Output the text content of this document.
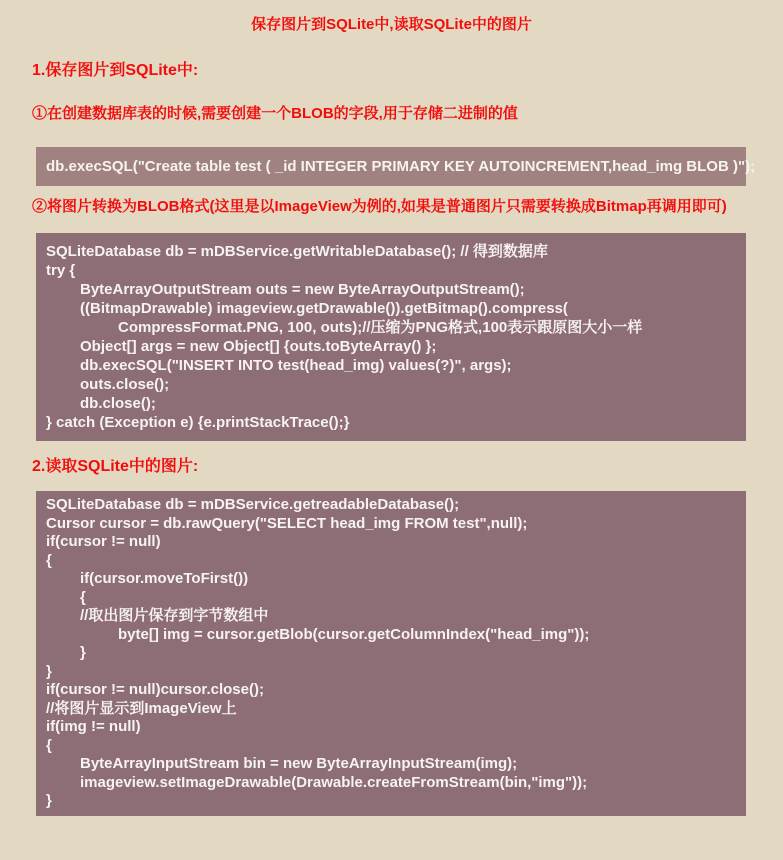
保存图片到SQLite中,读取SQLite中的图片
1.保存图片到SQLite中:
①在创建数据库表的时候,需要创建一个BLOB的字段,用于存储二进制的值
db.execSQL("Create table test ( _id INTEGER PRIMARY KEY AUTOINCREMENT,head_img BLOB )");
②将图片转换为BLOB格式(这里是以ImageView为例的,如果是普通图片只需要转换成Bitmap再调用即可)
SQLiteDatabase db = mDBService.getWritableDatabase(); // 得到数据库
try {
ByteArrayOutputStream outs = new ByteArrayOutputStream();
((BitmapDrawable) imageview.getDrawable()).getBitmap().compress(
CompressFormat.PNG, 100, outs);//压缩为PNG格式,100表示跟原图大小一样
Object[] args = new Object[] {outs.toByteArray() };
db.execSQL("INSERT INTO test(head_img) values(?)", args);
outs.close();
db.close();
} catch (Exception e) {e.printStackTrace();}
2.读取SQLite中的图片:
SQLiteDatabase db = mDBService.getreadableDatabase();
Cursor cursor = db.rawQuery("SELECT head_img FROM test",null);
if(cursor != null)
{
if(cursor.moveToFirst())
{
//取出图片保存到字节数组中
byte[] img = cursor.getBlob(cursor.getColumnIndex("head_img"));
}
}
if(cursor != null)cursor.close();
//将图片显示到ImageView上
if(img != null)
{
ByteArrayInputStream bin = new ByteArrayInputStream(img);
imageview.setImageDrawable(Drawable.createFromStream(bin,"img"));
}
